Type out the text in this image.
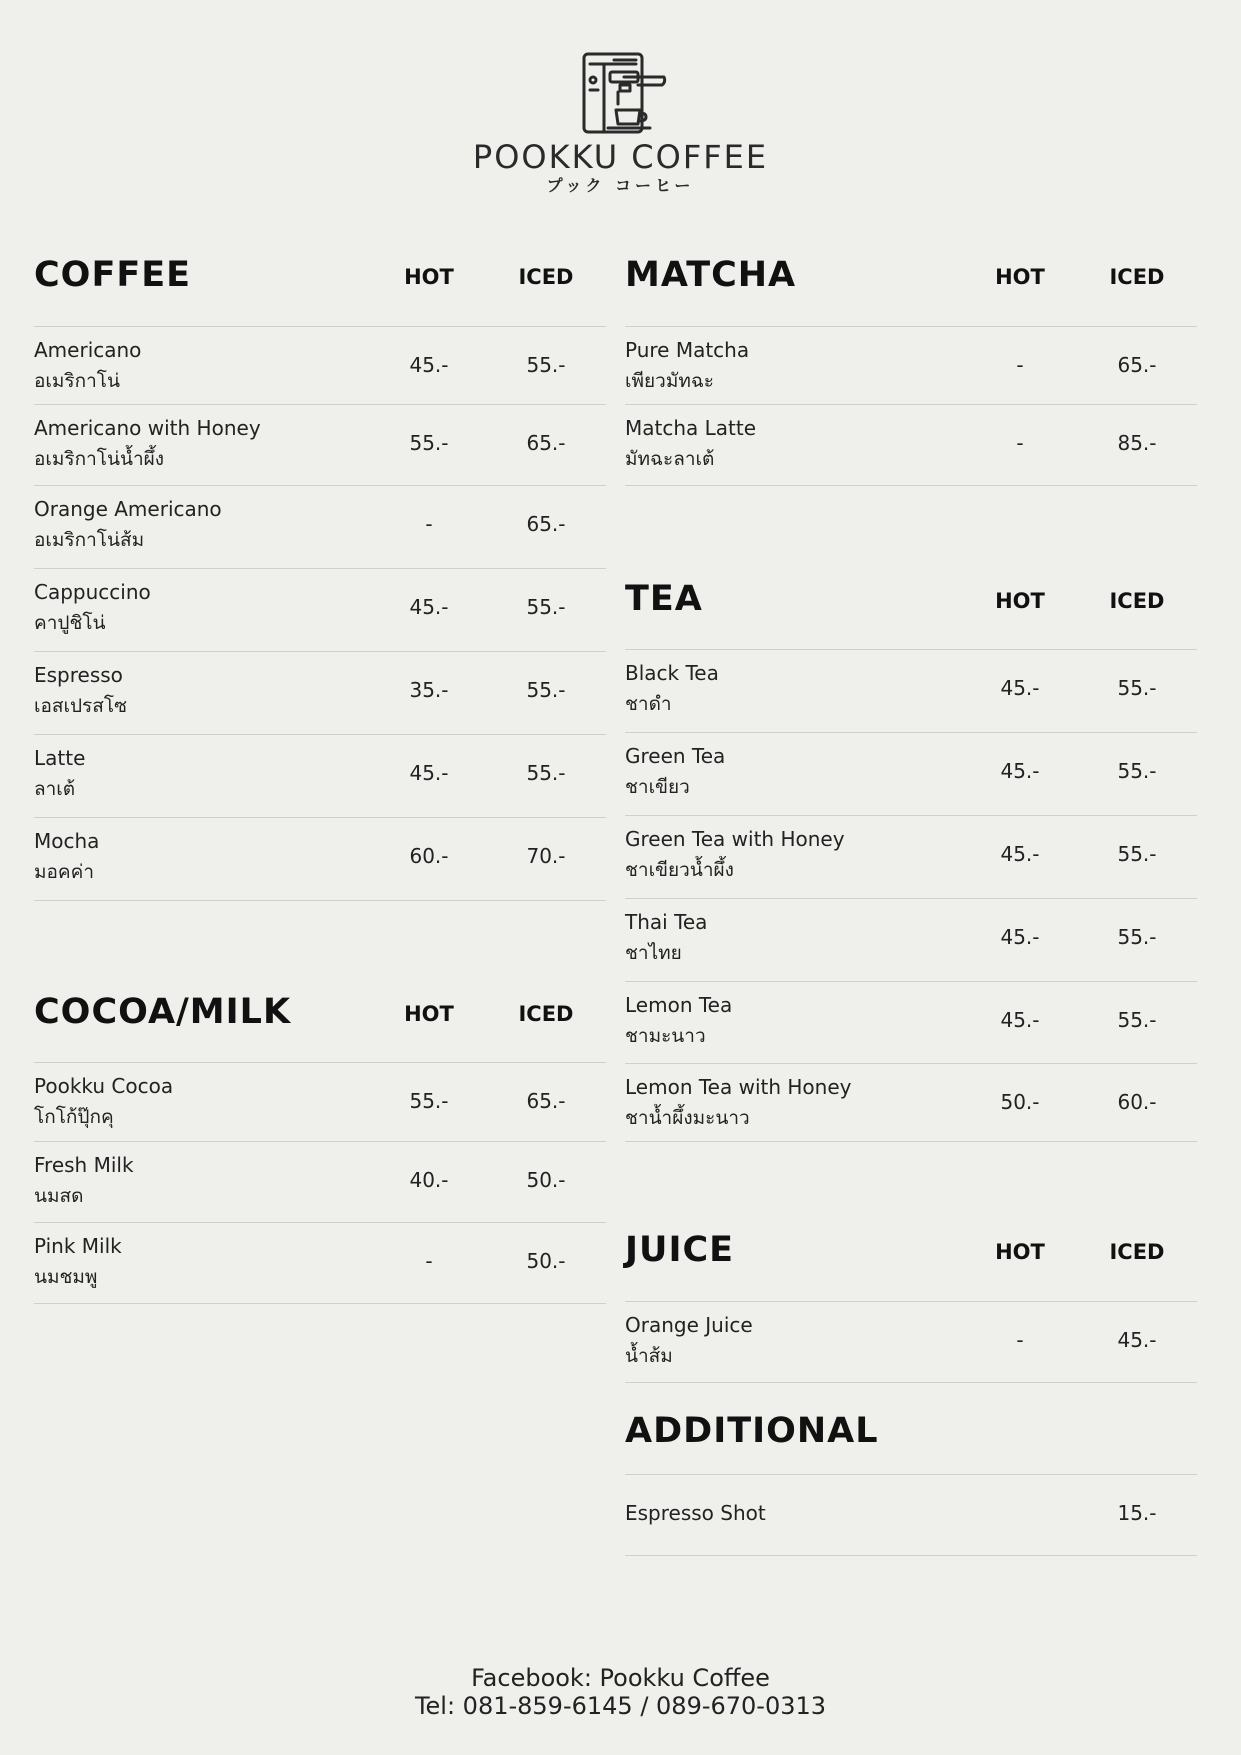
POOKKU COFFEE
プック コーヒー
COFFEE	HOT	ICED
Americano
อเมริกาโน่
45.-	55.-
Americano with Honey
อเมริกาโน่น้ำผึ้ง
55.-	65.-
Orange Americano
อเมริกาโน่ส้ม
-	65.-
Cappuccino
คาปูชิโน่
45.-	55.-
Espresso
เอสเปรสโซ
35.-	55.-
Latte
ลาเต้
45.-	55.-
Mocha
มอคค่า
60.-	70.-
COCOA/MILK	HOT	ICED
Pookku Cocoa
โกโก้ปุ๊กคุ
55.-	65.-
Fresh Milk
นมสด
40.-	50.-
Pink Milk
นมชมพู
-	50.-
MATCHA	HOT	ICED
Pure Matcha
เพียวมัทฉะ
-	65.-
Matcha Latte
มัทฉะลาเต้
-	85.-
TEA	HOT	ICED
Black Tea
ชาดำ
45.-	55.-
Green Tea
ชาเขียว
45.-	55.-
Green Tea with Honey
ชาเขียวน้ำผึ้ง
45.-	55.-
Thai Tea
ชาไทย
45.-	55.-
Lemon Tea
ชามะนาว
45.-	55.-
Lemon Tea with Honey
ชาน้ำผึ้งมะนาว
50.-	60.-
JUICE	HOT	ICED
Orange Juice
น้ำส้ม
-	45.-
ADDITIONAL
Espresso Shot	15.-
Facebook: Pookku Coffee
Tel: 081-859-6145 / 089-670-0313
